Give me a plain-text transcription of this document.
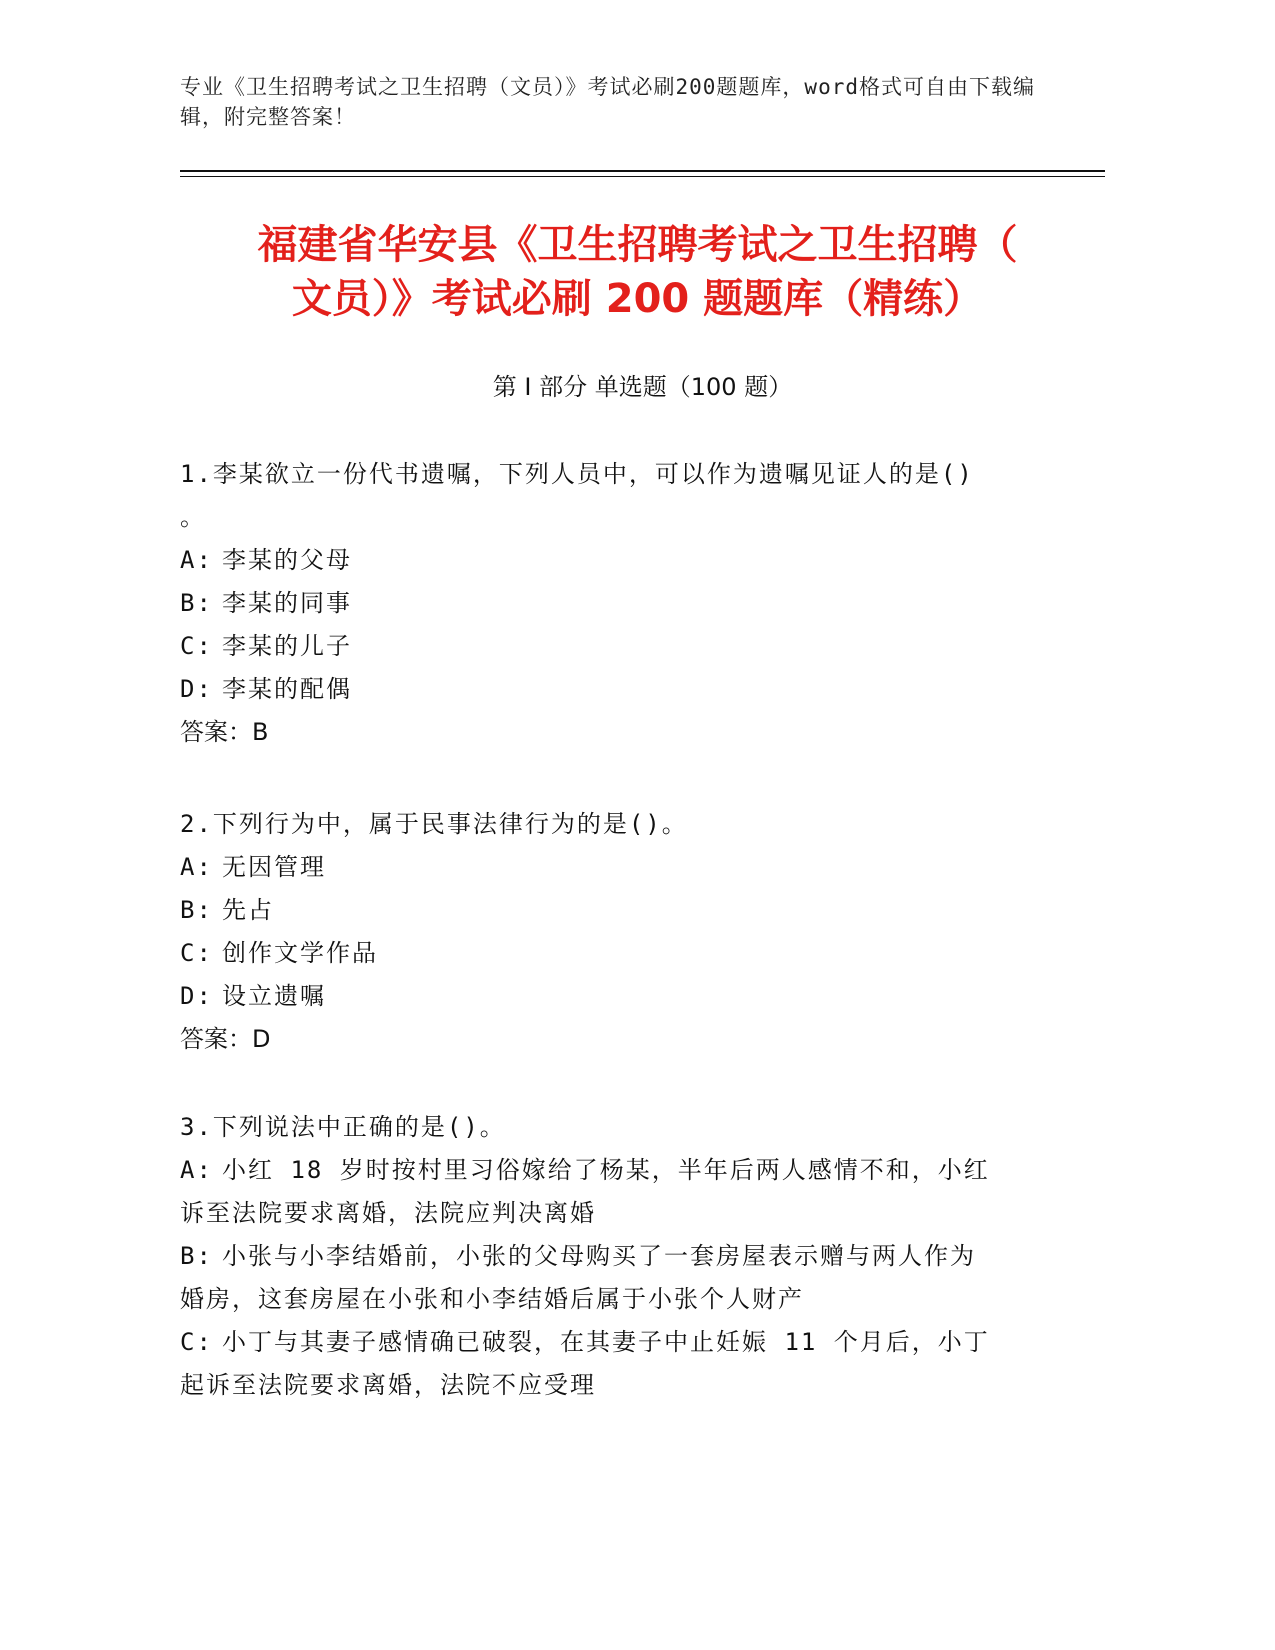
专业《卫生招聘考试之卫生招聘（文员）》考试必刷200题题库，word格式可自由下载编辑，附完整答案！
福建省华安县《卫生招聘考试之卫生招聘（
文员）》考试必刷 200 题题库（精练）
第 I 部分 单选题（100 题）
1.李某欲立一份代书遗嘱，下列人员中，可以作为遗嘱见证人的是()
。
A: 李某的父母
B: 李某的同事
C: 李某的儿子
D: 李某的配偶
答案：B
2.下列行为中，属于民事法律行为的是()。
A: 无因管理
B: 先占
C: 创作文学作品
D: 设立遗嘱
答案：D
3.下列说法中正确的是()。
A: 小红 18 岁时按村里习俗嫁给了杨某，半年后两人感情不和，小红
诉至法院要求离婚，法院应判决离婚
B: 小张与小李结婚前，小张的父母购买了一套房屋表示赠与两人作为
婚房，这套房屋在小张和小李结婚后属于小张个人财产
C: 小丁与其妻子感情确已破裂，在其妻子中止妊娠 11 个月后，小丁
起诉至法院要求离婚，法院不应受理
